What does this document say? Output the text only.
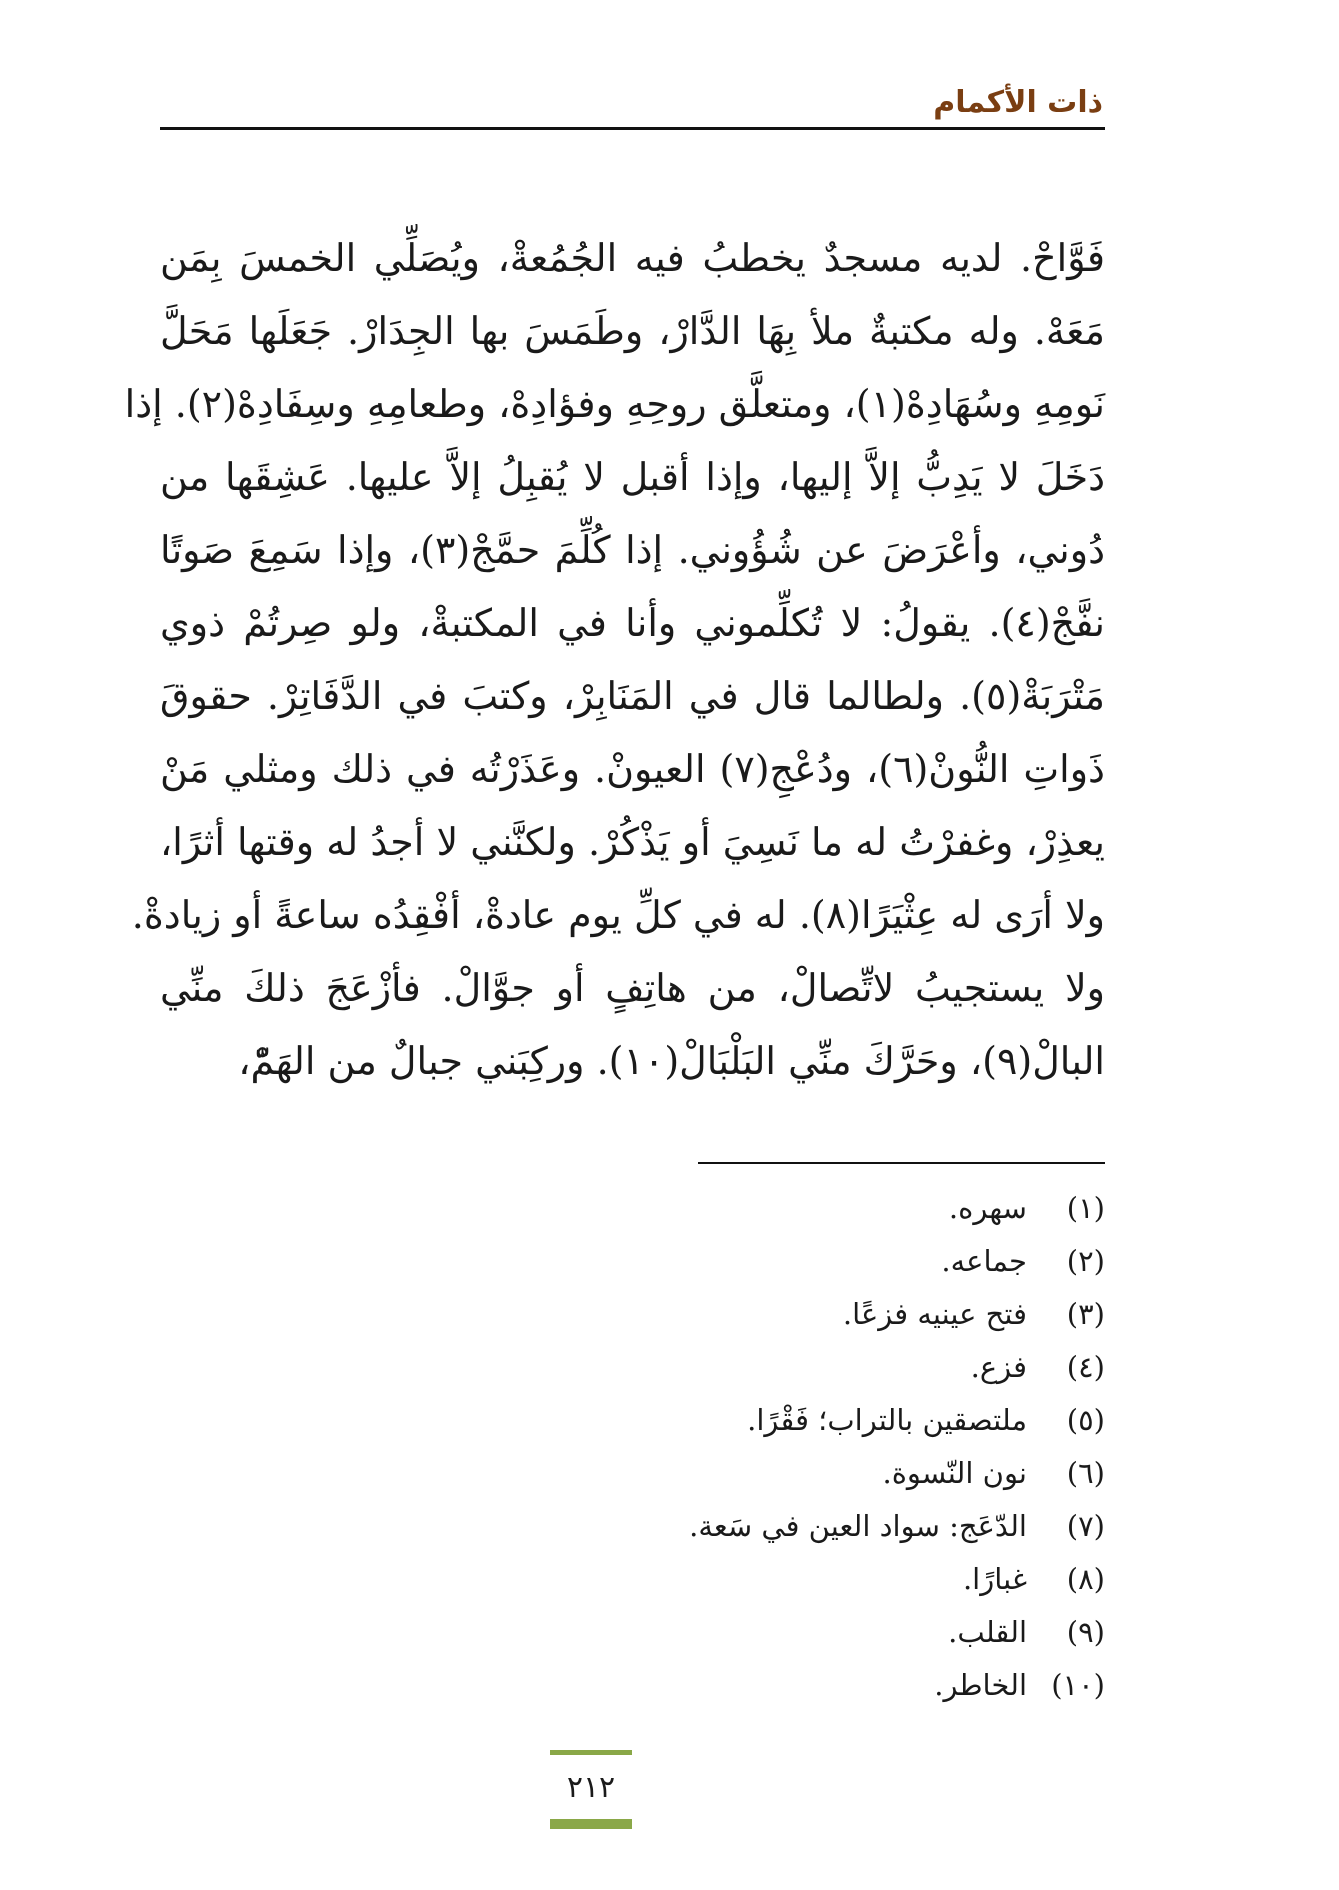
ذات الأكمام
فَوَّاحْ. لديه مسجدٌ يخطبُ فيه الجُمُعةْ، ويُصَلِّي الخمسَ بِمَن
مَعَهْ. وله مكتبةٌ ملأ بِهَا الدَّارْ، وطَمَسَ بها الجِدَارْ. جَعَلَها مَحَلَّ
نَومِهِ وسُهَادِهْ(١)، ومتعلَّق روحِهِ وفؤادِهْ، وطعامِهِ وسِفَادِهْ(٢). إذا
دَخَلَ لا يَدِبُّ إلاَّ إليها، وإذا أقبل لا يُقبِلُ إلاَّ عليها. عَشِقَها من
دُوني، وأعْرَضَ عن شُؤُوني. إذا كُلِّمَ حمَّجْ(٣)، وإذا سَمِعَ صَوتًا
نفَّجْ(٤). يقولُ: لا تُكلِّموني وأنا في المكتبةْ، ولو صِرتُمْ ذوي
مَتْرَبَةْ(٥). ولطالما قال في المَنَابِرْ، وكتبَ في الدَّفَاتِرْ. حقوقَ
ذَواتِ النُّونْ(٦)، ودُعْجِ(٧) العيونْ. وعَذَرْتُه في ذلك ومثلي مَنْ
يعذِرْ، وغفرْتُ له ما نَسِيَ أو يَذْكُرْ. ولكنَّني لا أجدُ له وقتها أثرًا،
ولا أرَى له عِثْيَرًا(٨). له في كلِّ يوم عادةْ، أفْقِدُه ساعةً أو زيادةْ.
ولا يستجيبُ لاتِّصالْ، من هاتِفٍ أو جوَّالْ. فأزْعَجَ ذلكَ منِّي
البالْ(٩)، وحَرَّكَ منِّي البَلْبَالْ(١٠). وركِبَني جبالٌ من الهَمّْ،
(١)سهره.
(٢)جماعه.
(٣)فتح عينيه فزعًا.
(٤)فزع.
(٥)ملتصقين بالتراب؛ فَقْرًا.
(٦)نون النّسوة.
(٧)الدّعَج: سواد العين في سَعة.
(٨)غبارًا.
(٩)القلب.
(١٠)الخاطر.
٢١٢
